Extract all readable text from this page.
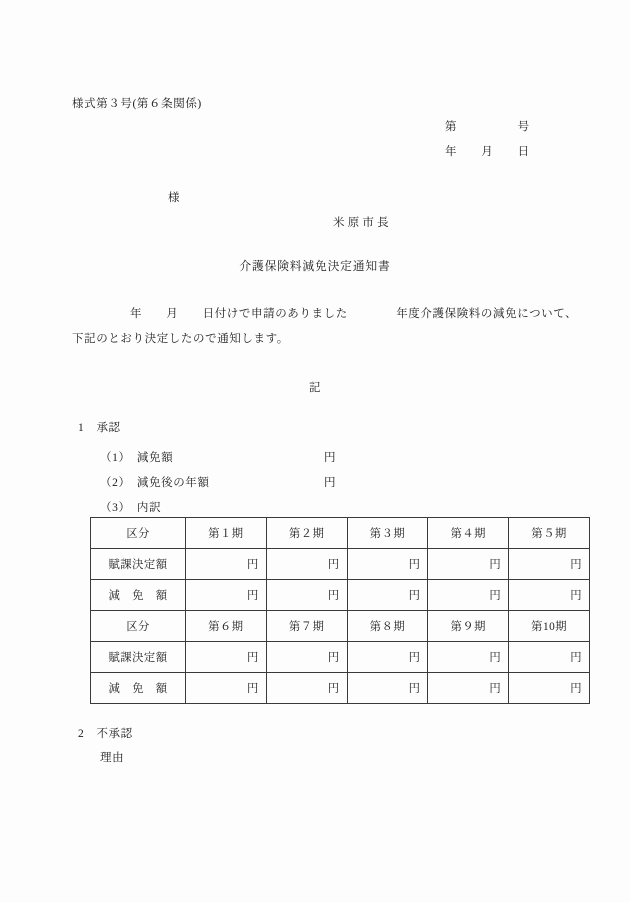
様式第３号(第６条関係)
第　　　　　号
年　　月　　日
様
米原市長
介護保険料減免決定通知書
年　　月　　日付けで申請のありました　　　　年度介護保険料の減免について、
下記のとおり決定したので通知します。
記
1　承認
（1）　減免額	円
（2）　減免後の年額	円
（3）　内訳
区分	第１期	第２期	第３期	第４期	第５期
賦課決定額	円	円	円	円	円
減　免　額	円	円	円	円	円
区分	第６期	第７期	第８期	第９期	第10期
賦課決定額	円	円	円	円	円
減　免　額	円	円	円	円	円
2　不承認
理由
